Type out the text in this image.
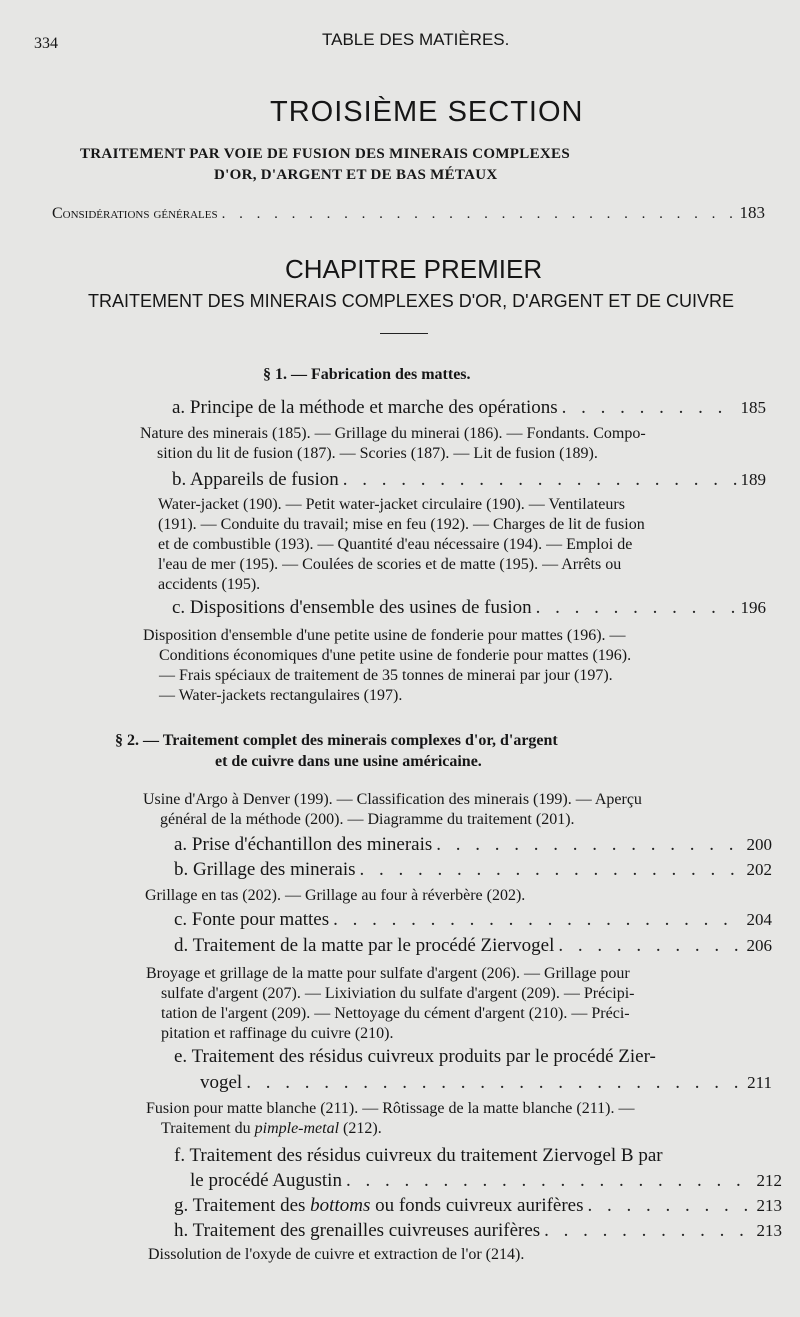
334	TABLE DES MATIÈRES.
TROISIÈME SECTION
TRAITEMENT PAR VOIE DE FUSION DES MINERAIS COMPLEXES
D'OR, D'ARGENT ET DE BAS MÉTAUX
Considérations générales . . .	183
CHAPITRE PREMIER
TRAITEMENT DES MINERAIS COMPLEXES D'OR, D'ARGENT ET DE CUIVRE
§ 1. — Fabrication des mattes.
a. Principe de la méthode et marche des opérations . . .	185
Nature des minerais (185). — Grillage du minerai (186). — Fondants. Compo-
sition du lit de fusion (187). — Scories (187). — Lit de fusion (189).
b. Appareils de fusion . . .	189
Water-jacket (190). — Petit water-jacket circulaire (190). — Ventilateurs
(191). — Conduite du travail; mise en feu (192). — Charges de lit de fusion
et de combustible (193). — Quantité d'eau nécessaire (194). — Emploi de
l'eau de mer (195). — Coulées de scories et de matte (195). — Arrêts ou
accidents (195).
c. Dispositions d'ensemble des usines de fusion . . .	196
Disposition d'ensemble d'une petite usine de fonderie pour mattes (196). —
Conditions économiques d'une petite usine de fonderie pour mattes (196).
— Frais spéciaux de traitement de 35 tonnes de minerai par jour (197).
— Water-jackets rectangulaires (197).
§ 2. — Traitement complet des minerais complexes d'or, d'argent
et de cuivre dans une usine américaine.
Usine d'Argo à Denver (199). — Classification des minerais (199). — Aperçu
général de la méthode (200). — Diagramme du traitement (201).
a. Prise d'échantillon des minerais . . .	200
b. Grillage des minerais . . .	202
Grillage en tas (202). — Grillage au four à réverbère (202).
c. Fonte pour mattes . . .	204
d. Traitement de la matte par le procédé Ziervogel . . .	206
Broyage et grillage de la matte pour sulfate d'argent (206). — Grillage pour
sulfate d'argent (207). — Lixiviation du sulfate d'argent (209). — Précipi-
tation de l'argent (209). — Nettoyage du cément d'argent (210). — Préci-
pitation et raffinage du cuivre (210).
e. Traitement des résidus cuivreux produits par le procédé Zier-
vogel . . .	211
Fusion pour matte blanche (211). — Rôtissage de la matte blanche (211). —
Traitement du pimple-metal (212).
f. Traitement des résidus cuivreux du traitement Ziervogel B par
le procédé Augustin . . .	212
g. Traitement des bottoms ou fonds cuivreux aurifères . . .	213
h. Traitement des grenailles cuivreuses aurifères . . .	213
Dissolution de l'oxyde de cuivre et extraction de l'or (214).
